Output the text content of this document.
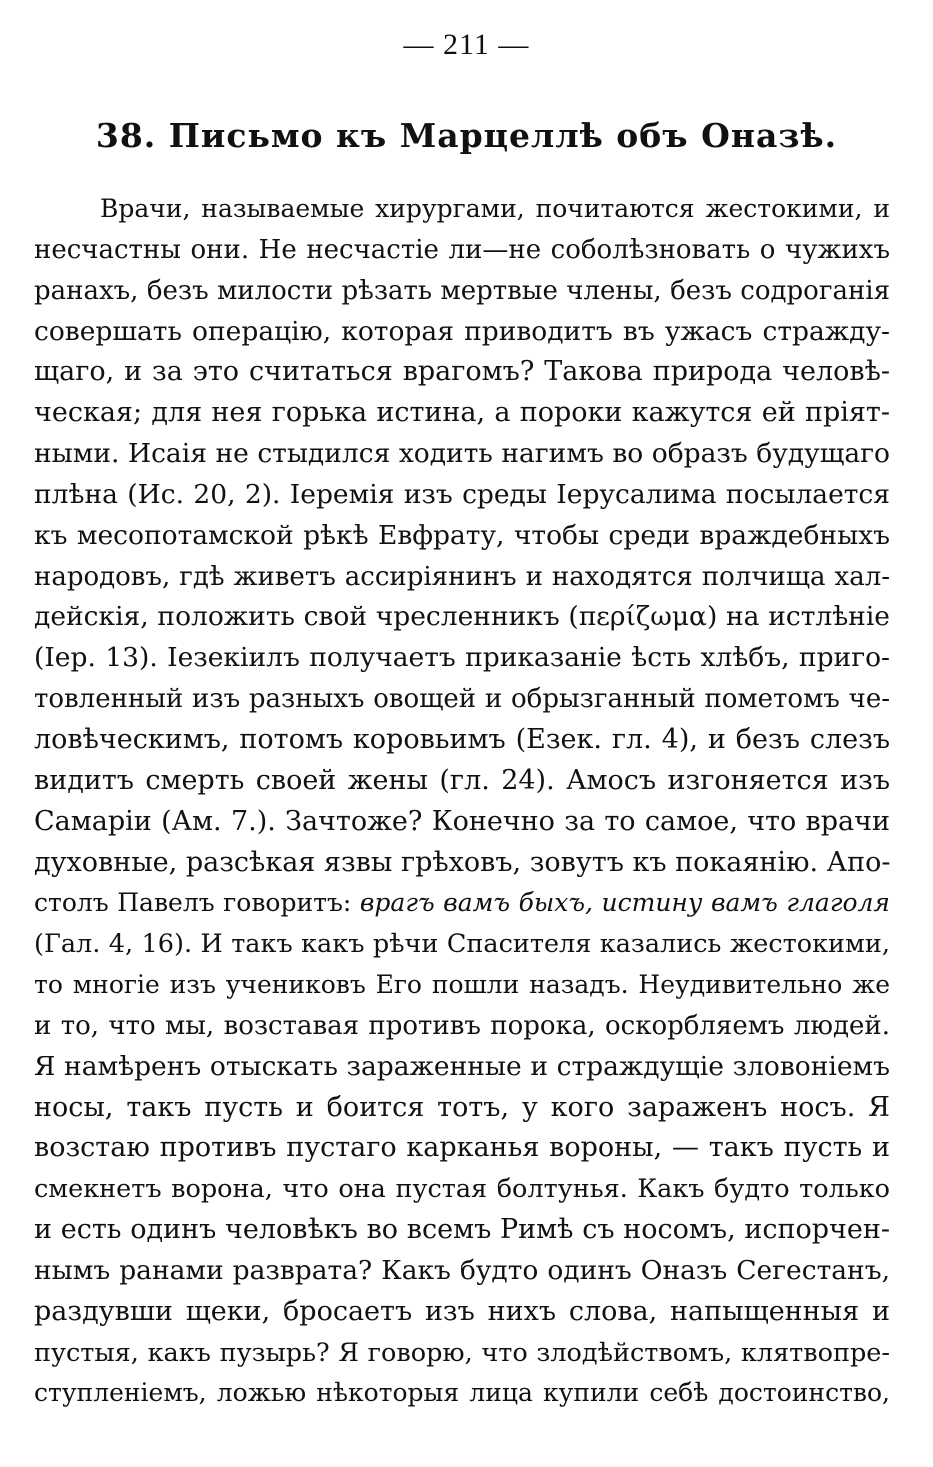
— 211 —
38. Письмо къ Марцеллѣ объ Оназѣ.
Врачи, называемые хирургами, почитаются жестокими, и
несчастны они. Не несчастіе ли—не соболѣзновать о чужихъ
ранахъ, безъ милости рѣзать мертвые члены, безъ содроганія
совершать операцію, которая приводитъ въ ужасъ стражду-
щаго, и за это считаться врагомъ? Такова природа человѣ-
ческая; для нея горька истина, а пороки кажутся ей пріят-
ными. Исаія не стыдился ходить нагимъ во образъ будущаго
плѣна (Ис. 20, 2). Іеремія изъ среды Іерусалима посылается
къ месопотамской рѣкѣ Евфрату, чтобы среди враждебныхъ
народовъ, гдѣ живетъ ассиріянинъ и находятся полчища хал-
дейскія, положить свой чресленникъ (περίζωμα) на истлѣніе
(Іер. 13). Іезекіилъ получаетъ приказаніе ѣсть хлѣбъ, приго-
товленный изъ разныхъ овощей и обрызганный пометомъ че-
ловѣческимъ, потомъ коровьимъ (Езек. гл. 4), и безъ слезъ
видитъ смерть своей жены (гл. 24). Амосъ изгоняется изъ
Самаріи (Ам. 7.). Зачтоже? Конечно за то самое, что врачи
духовные, разсѣкая язвы грѣховъ, зовутъ къ покаянію. Апо-
столъ Павелъ говоритъ: врагъ вамъ быхъ, истину вамъ глаголя
(Гал. 4, 16). И такъ какъ рѣчи Спасителя казались жестокими,
то многіе изъ учениковъ Его пошли назадъ. Неудивительно же
и то, что мы, возставая противъ порока, оскорбляемъ людей.
Я намѣренъ отыскать зараженные и страждущіе зловоніемъ
носы, такъ пусть и боится тотъ, у кого зараженъ носъ. Я
возстаю противъ пустаго карканья вороны, — такъ пусть и
смекнетъ ворона, что она пустая болтунья. Какъ будто только
и есть одинъ человѣкъ во всемъ Римѣ съ носомъ, испорчен-
нымъ ранами разврата? Какъ будто одинъ Оназъ Сегестанъ,
раздувши щеки, бросаетъ изъ нихъ слова, напыщенныя и
пустыя, какъ пузырь? Я говорю, что злодѣйствомъ, клятвопре-
ступленіемъ, ложью нѣкоторыя лица купили себѣ достоинство,
